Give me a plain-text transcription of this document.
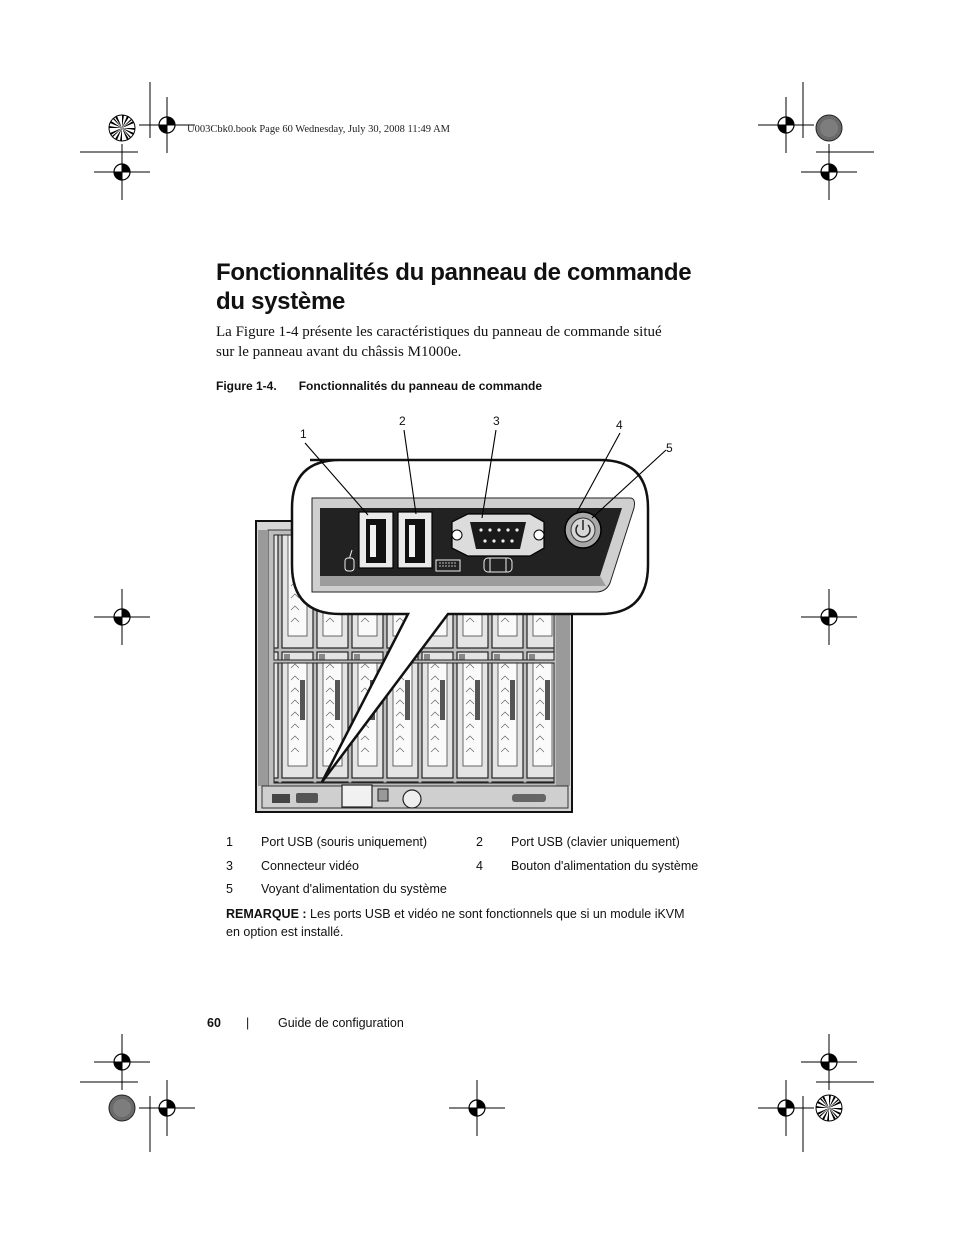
U003Cbk0.book Page 60 Wednesday, July 30, 2008 11:49 AM
Fonctionnalités du panneau de commande
du système
La Figure 1-4 présente les caractéristiques du panneau de commande situé
sur le panneau avant du châssis M1000e.
Figure 1-4. Fonctionnalités du panneau de commande
1
2	3	4
5
1 Port USB (souris uniquement)	2 Port USB (clavier uniquement)
3 Connecteur vidéo	4 Bouton d'alimentation du système
5 Voyant d'alimentation du système
REMARQUE : Les ports USB et vidéo ne sont fonctionnels que si un module iKVM
en option est installé.
60 | Guide de configuration
